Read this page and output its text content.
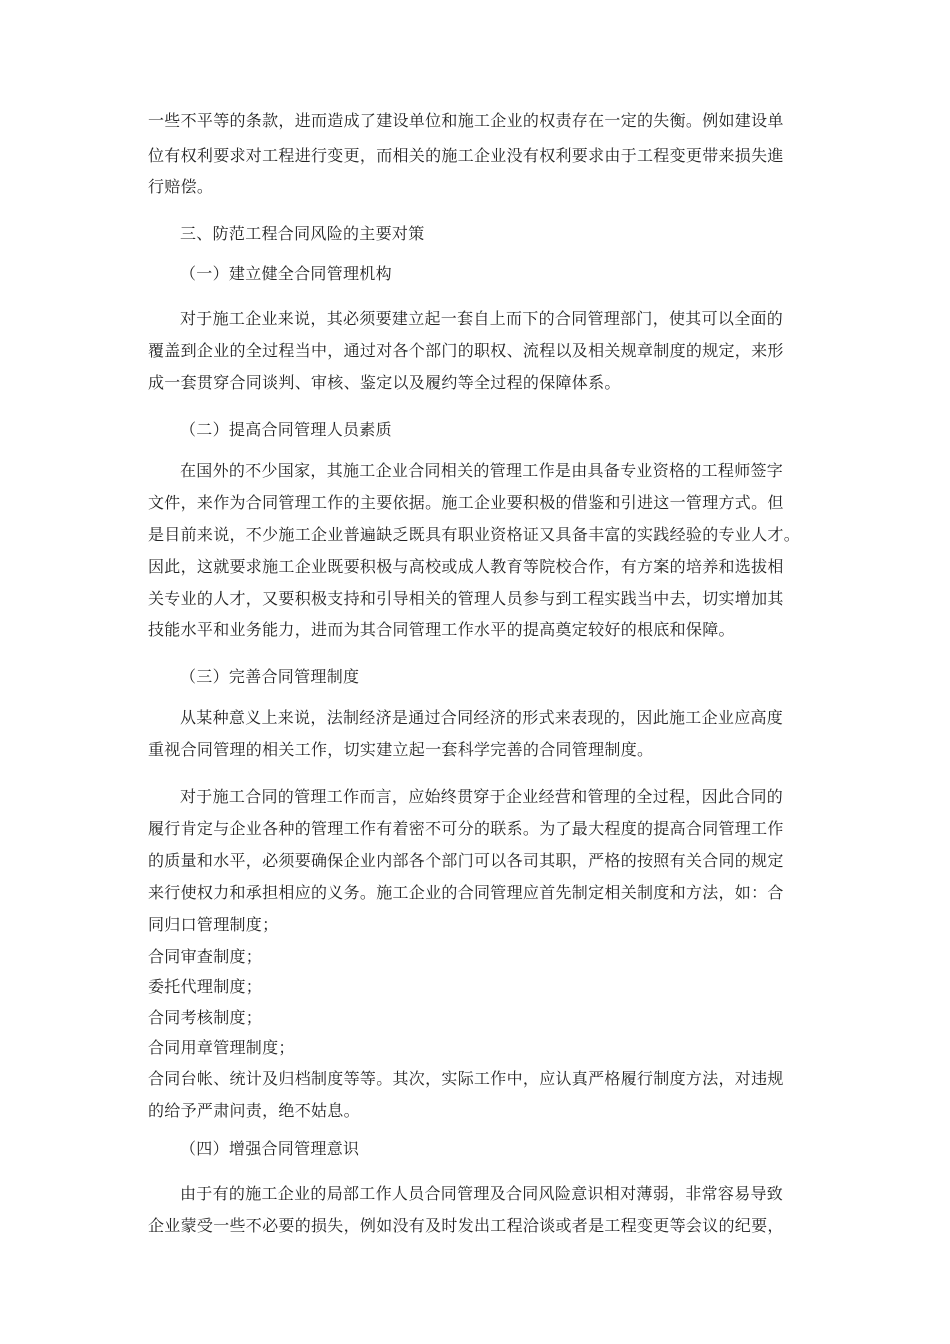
一些不平等的条款，进而造成了建设单位和施工企业的权责存在一定的失衡。例如建设单
位有权利要求对工程进行变更，而相关的施工企业没有权利要求由于工程变更带来损失進
行赔偿。
三、防范工程合同风险的主要对策
（一）建立健全合同管理机构
对于施工企业来说，其必须要建立起一套自上而下的合同管理部门，使其可以全面的
覆盖到企业的全过程当中，通过对各个部门的职权、流程以及相关规章制度的规定，来形
成一套贯穿合同谈判、审核、鉴定以及履约等全过程的保障体系。
（二）提高合同管理人员素质
在国外的不少国家，其施工企业合同相关的管理工作是由具备专业资格的工程师签字
文件，来作为合同管理工作的主要依据。施工企业要积极的借鉴和引进这一管理方式。但
是目前来说，不少施工企业普遍缺乏既具有职业资格证又具备丰富的实践经验的专业人才。
因此，这就要求施工企业既要积极与高校或成人教育等院校合作，有方案的培养和选拔相
关专业的人才，又要积极支持和引导相关的管理人员参与到工程实践当中去，切实增加其
技能水平和业务能力，进而为其合同管理工作水平的提高奠定较好的根底和保障。
（三）完善合同管理制度
从某种意义上来说，法制经济是通过合同经济的形式来表现的，因此施工企业应高度
重视合同管理的相关工作，切实建立起一套科学完善的合同管理制度。
对于施工合同的管理工作而言，应始终贯穿于企业经营和管理的全过程，因此合同的
履行肯定与企业各种的管理工作有着密不可分的联系。为了最大程度的提高合同管理工作
的质量和水平，必须要确保企业内部各个部门可以各司其职，严格的按照有关合同的规定
来行使权力和承担相应的义务。施工企业的合同管理应首先制定相关制度和方法，如：合
同归口管理制度；
合同审查制度；
委托代理制度；
合同考核制度；
合同用章管理制度；
合同台帐、统计及归档制度等等。其次，实际工作中，应认真严格履行制度方法，对违规
的给予严肃问责，绝不姑息。
（四）增强合同管理意识
由于有的施工企业的局部工作人员合同管理及合同风险意识相对薄弱，非常容易导致
企业蒙受一些不必要的损失，例如没有及时发出工程洽谈或者是工程变更等会议的纪要，
